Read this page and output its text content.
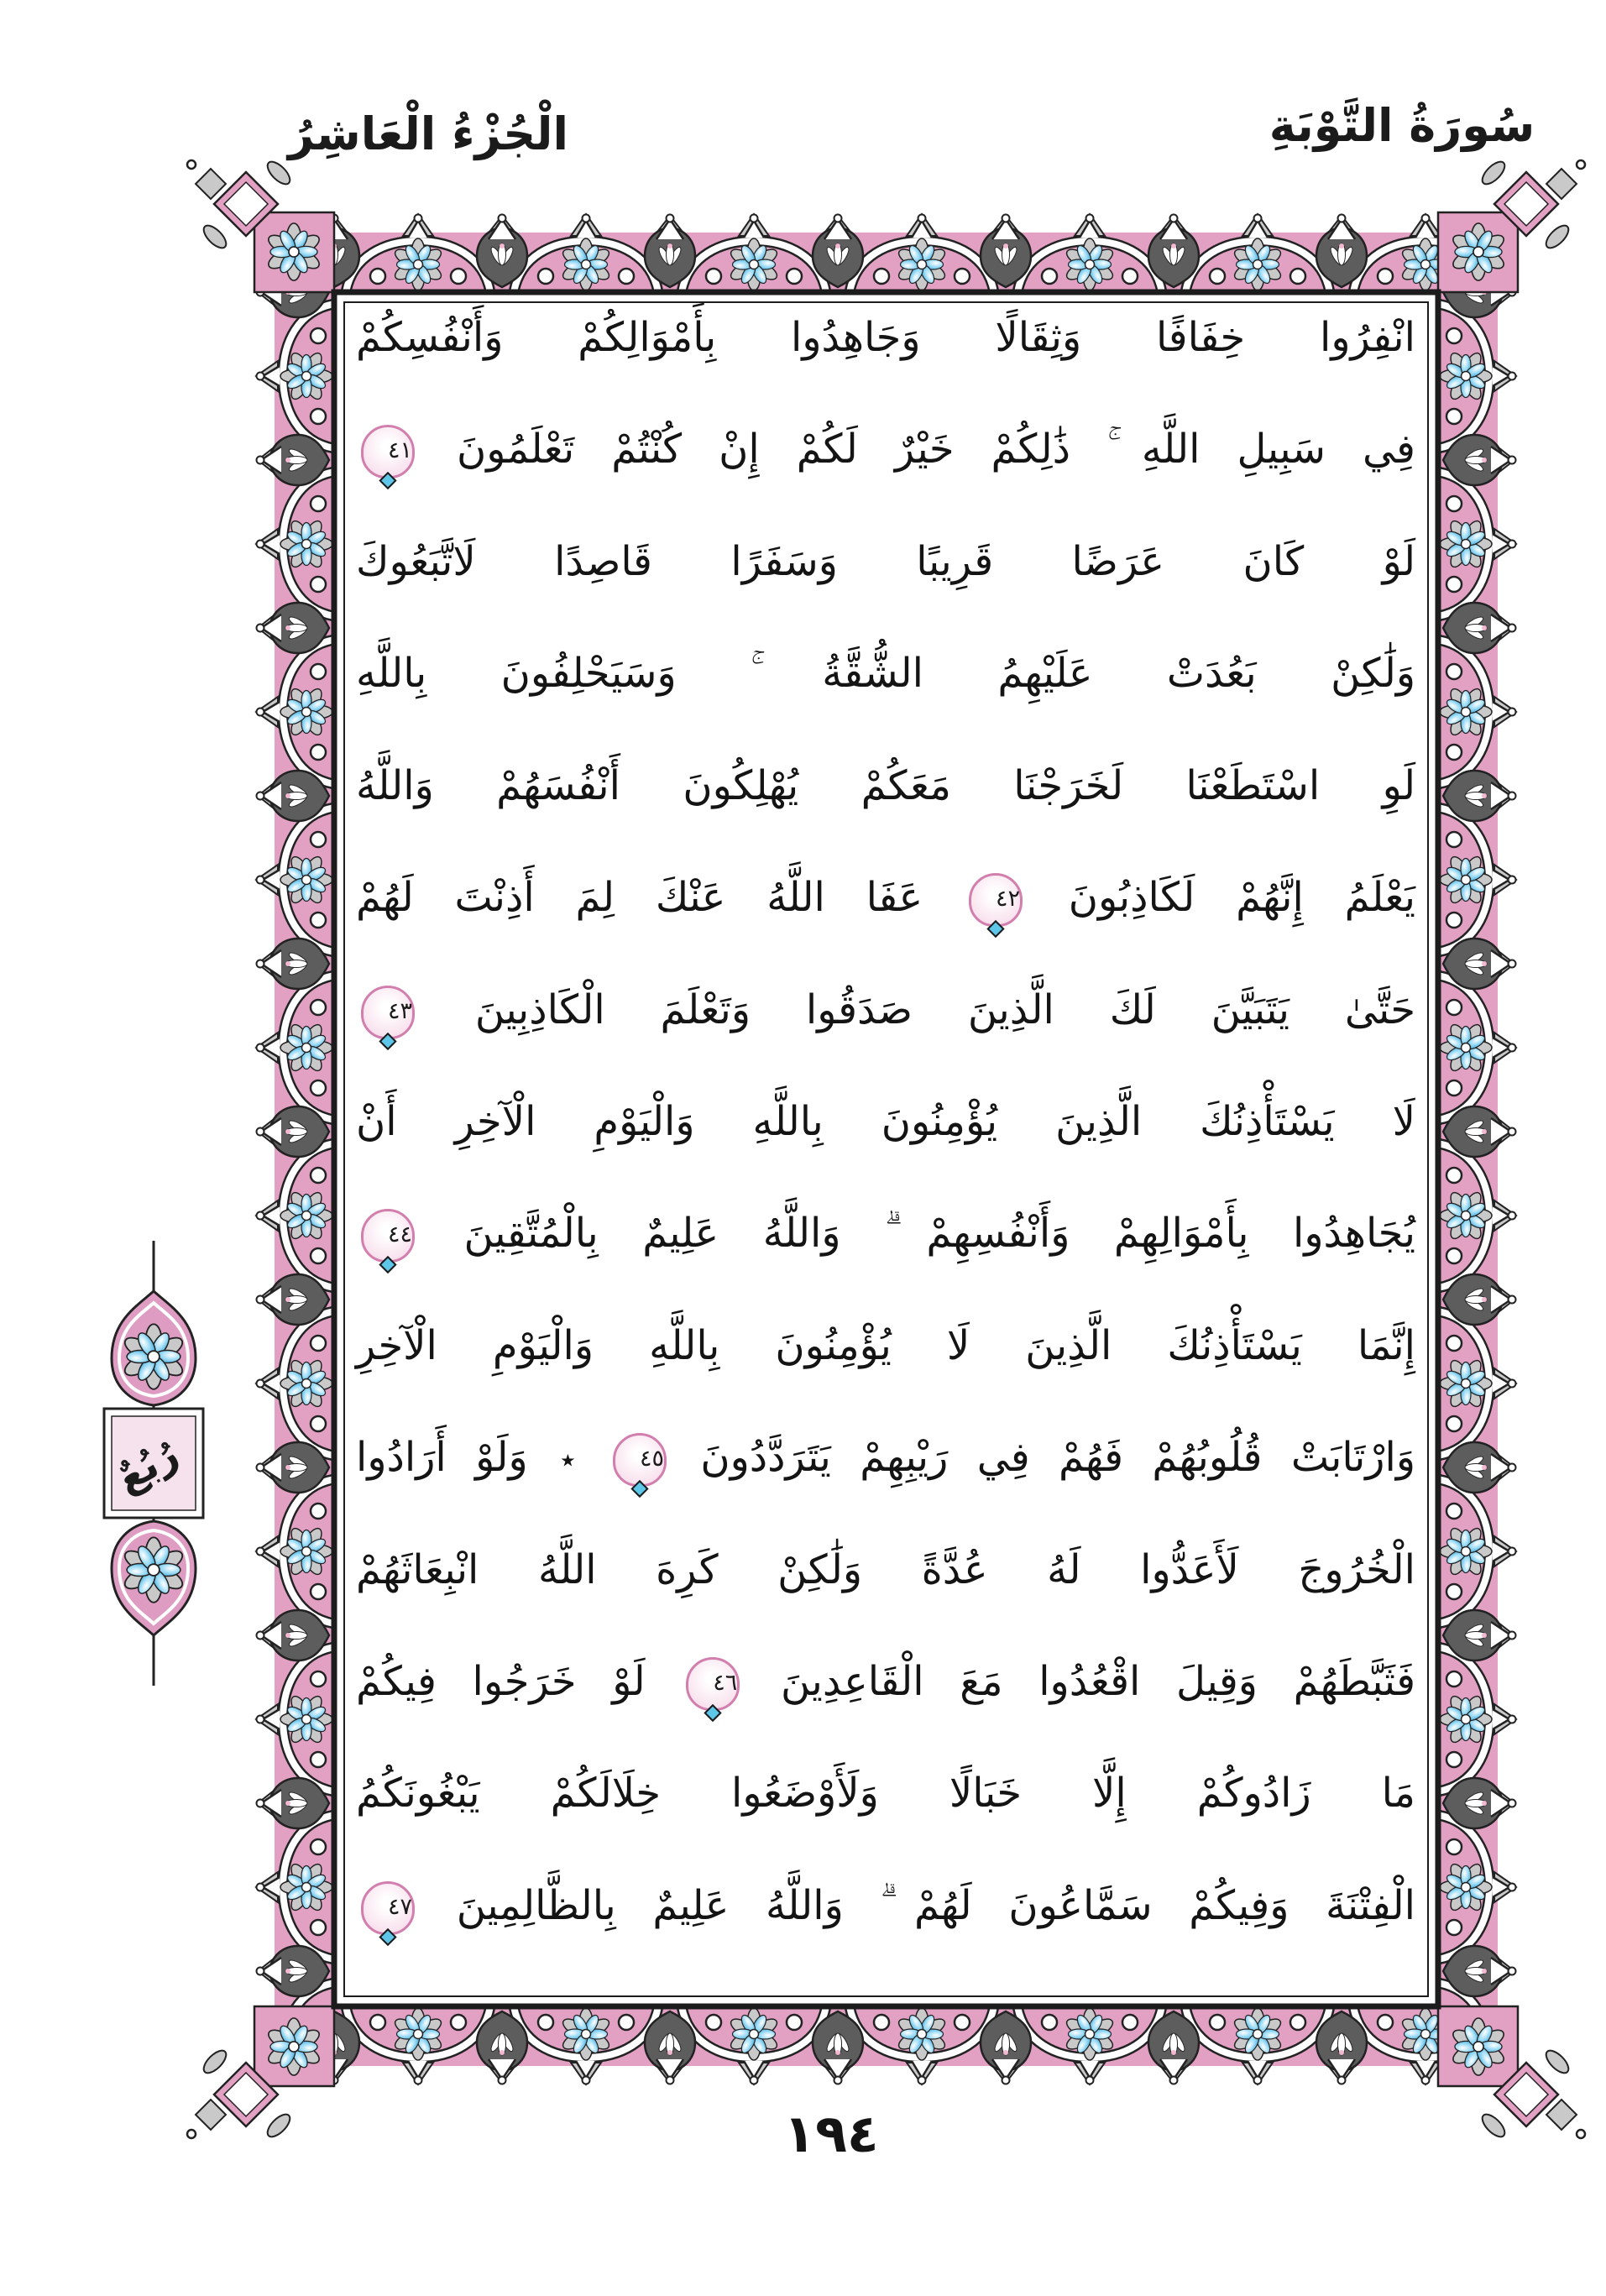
الْجُزْءُ الْعَاشِرُ	سُورَةُ التَّوْبَةِ
رُبُعٌ
انْفِرُوا خِفَافًا وَثِقَالًا وَجَاهِدُوا بِأَمْوَالِكُمْ وَأَنْفُسِكُمْ
فِي سَبِيلِ اللَّهِ ۚ ذَٰلِكُمْ خَيْرٌ لَكُمْ إِنْ كُنْتُمْ تَعْلَمُونَ ٤١
لَوْ كَانَ عَرَضًا قَرِيبًا وَسَفَرًا قَاصِدًا لَاتَّبَعُوكَ
وَلَٰكِنْ بَعُدَتْ عَلَيْهِمُ الشُّقَّةُ ۚ وَسَيَحْلِفُونَ بِاللَّهِ
لَوِ اسْتَطَعْنَا لَخَرَجْنَا مَعَكُمْ يُهْلِكُونَ أَنْفُسَهُمْ وَاللَّهُ
يَعْلَمُ إِنَّهُمْ لَكَاذِبُونَ ٤٢ عَفَا اللَّهُ عَنْكَ لِمَ أَذِنْتَ لَهُمْ
حَتَّىٰ يَتَبَيَّنَ لَكَ الَّذِينَ صَدَقُوا وَتَعْلَمَ الْكَاذِبِينَ ٤٣
لَا يَسْتَأْذِنُكَ الَّذِينَ يُؤْمِنُونَ بِاللَّهِ وَالْيَوْمِ الْآخِرِ أَنْ
يُجَاهِدُوا بِأَمْوَالِهِمْ وَأَنْفُسِهِمْ ۗ وَاللَّهُ عَلِيمٌ بِالْمُتَّقِينَ ٤٤
إِنَّمَا يَسْتَأْذِنُكَ الَّذِينَ لَا يُؤْمِنُونَ بِاللَّهِ وَالْيَوْمِ الْآخِرِ
وَارْتَابَتْ قُلُوبُهُمْ فَهُمْ فِي رَيْبِهِمْ يَتَرَدَّدُونَ ٤٥ ٭ وَلَوْ أَرَادُوا
الْخُرُوجَ لَأَعَدُّوا لَهُ عُدَّةً وَلَٰكِنْ كَرِهَ اللَّهُ انْبِعَاثَهُمْ
فَثَبَّطَهُمْ وَقِيلَ اقْعُدُوا مَعَ الْقَاعِدِينَ ٤٦ لَوْ خَرَجُوا فِيكُمْ
مَا زَادُوكُمْ إِلَّا خَبَالًا وَلَأَوْضَعُوا خِلَالَكُمْ يَبْغُونَكُمُ
الْفِتْنَةَ وَفِيكُمْ سَمَّاعُونَ لَهُمْ ۗ وَاللَّهُ عَلِيمٌ بِالظَّالِمِينَ ٤٧
١٩٤
